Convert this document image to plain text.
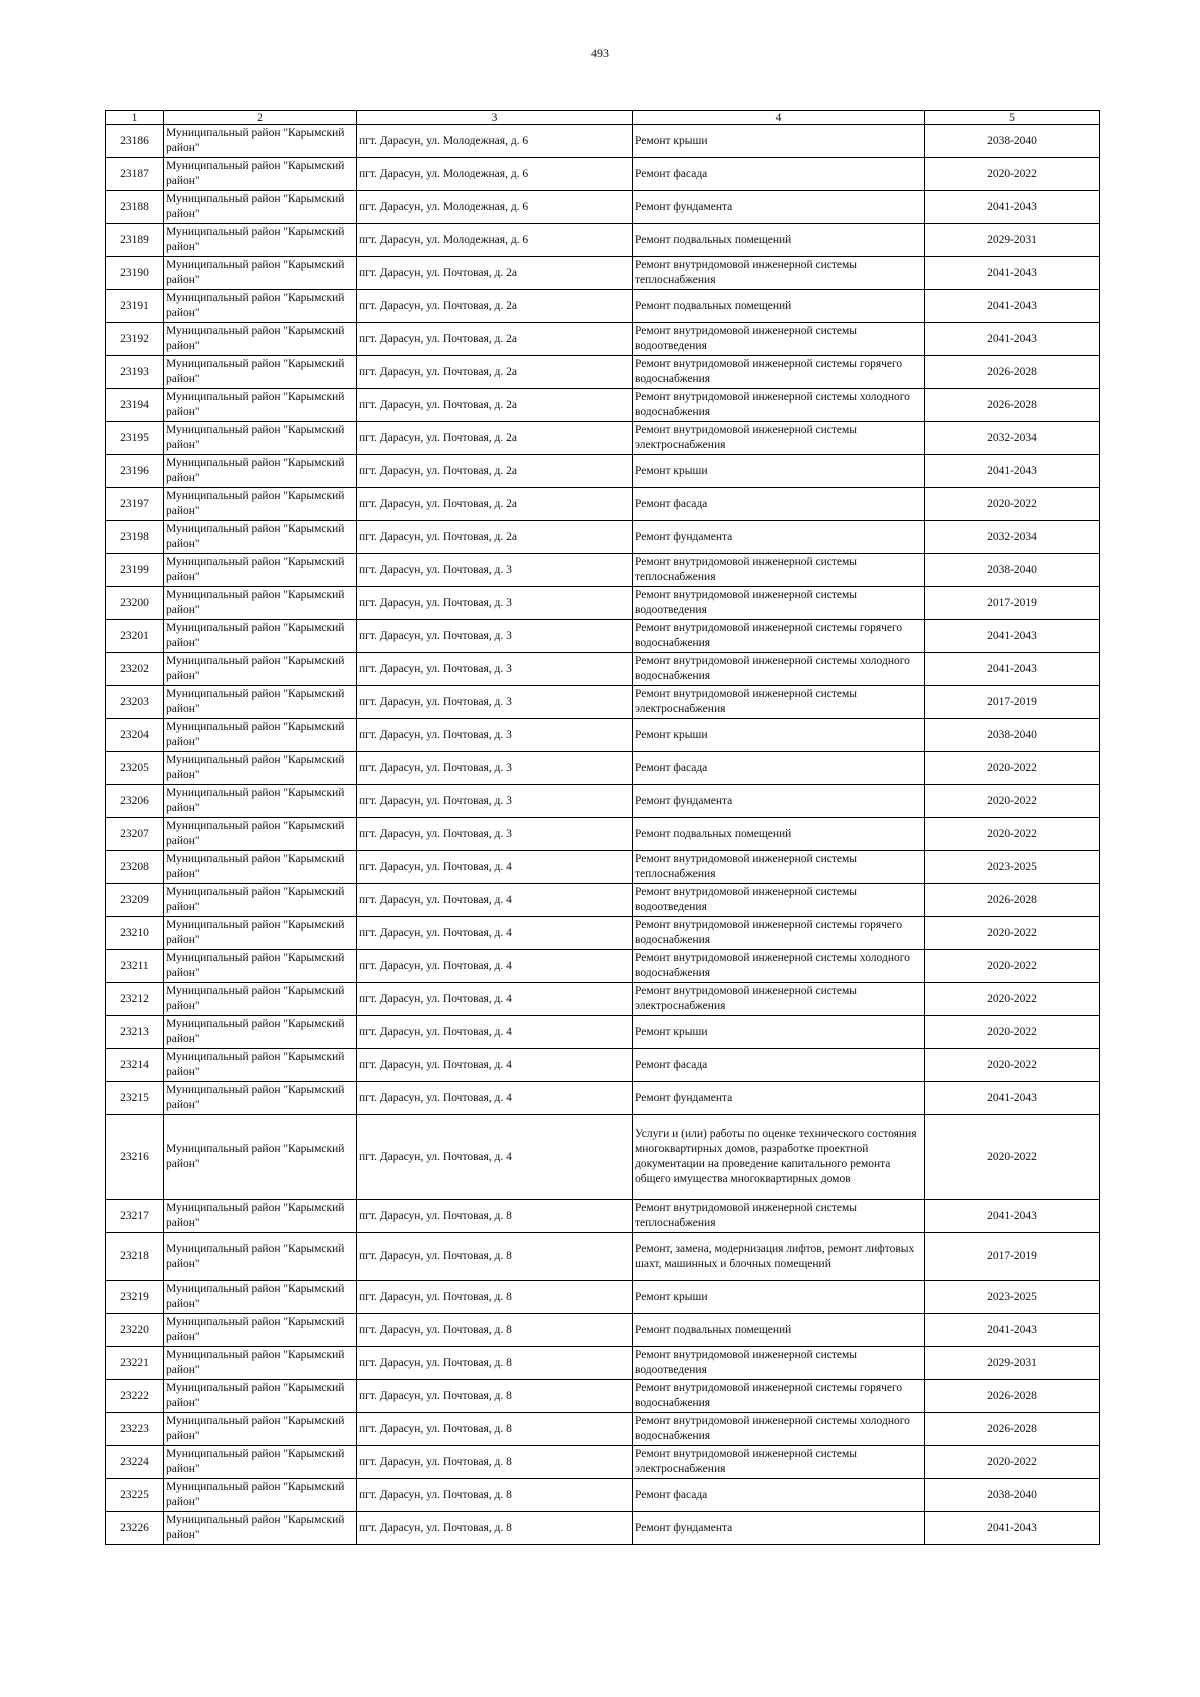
493
1	2	3	4	5
23186	Муниципальный район "Карымский район"	пгт. Дарасун, ул. Молодежная, д. 6	Ремонт крыши	2038-2040
23187	Муниципальный район "Карымский район"	пгт. Дарасун, ул. Молодежная, д. 6	Ремонт фасада	2020-2022
23188	Муниципальный район "Карымский район"	пгт. Дарасун, ул. Молодежная, д. 6	Ремонт фундамента	2041-2043
23189	Муниципальный район "Карымский район"	пгт. Дарасун, ул. Молодежная, д. 6	Ремонт подвальных помещений	2029-2031
23190	Муниципальный район "Карымский район"	пгт. Дарасун, ул. Почтовая, д. 2а	Ремонт внутридомовой инженерной системы теплоснабжения	2041-2043
23191	Муниципальный район "Карымский район"	пгт. Дарасун, ул. Почтовая, д. 2а	Ремонт подвальных помещений	2041-2043
23192	Муниципальный район "Карымский район"	пгт. Дарасун, ул. Почтовая, д. 2а	Ремонт внутридомовой инженерной системы водоотведения	2041-2043
23193	Муниципальный район "Карымский район"	пгт. Дарасун, ул. Почтовая, д. 2а	Ремонт внутридомовой инженерной системы горячего водоснабжения	2026-2028
23194	Муниципальный район "Карымский район"	пгт. Дарасун, ул. Почтовая, д. 2а	Ремонт внутридомовой инженерной системы холодного водоснабжения	2026-2028
23195	Муниципальный район "Карымский район"	пгт. Дарасун, ул. Почтовая, д. 2а	Ремонт внутридомовой инженерной системы электроснабжения	2032-2034
23196	Муниципальный район "Карымский район"	пгт. Дарасун, ул. Почтовая, д. 2а	Ремонт крыши	2041-2043
23197	Муниципальный район "Карымский район"	пгт. Дарасун, ул. Почтовая, д. 2а	Ремонт фасада	2020-2022
23198	Муниципальный район "Карымский район"	пгт. Дарасун, ул. Почтовая, д. 2а	Ремонт фундамента	2032-2034
23199	Муниципальный район "Карымский район"	пгт. Дарасун, ул. Почтовая, д. 3	Ремонт внутридомовой инженерной системы теплоснабжения	2038-2040
23200	Муниципальный район "Карымский район"	пгт. Дарасун, ул. Почтовая, д. 3	Ремонт внутридомовой инженерной системы водоотведения	2017-2019
23201	Муниципальный район "Карымский район"	пгт. Дарасун, ул. Почтовая, д. 3	Ремонт внутридомовой инженерной системы горячего водоснабжения	2041-2043
23202	Муниципальный район "Карымский район"	пгт. Дарасун, ул. Почтовая, д. 3	Ремонт внутридомовой инженерной системы холодного водоснабжения	2041-2043
23203	Муниципальный район "Карымский район"	пгт. Дарасун, ул. Почтовая, д. 3	Ремонт внутридомовой инженерной системы электроснабжения	2017-2019
23204	Муниципальный район "Карымский район"	пгт. Дарасун, ул. Почтовая, д. 3	Ремонт крыши	2038-2040
23205	Муниципальный район "Карымский район"	пгт. Дарасун, ул. Почтовая, д. 3	Ремонт фасада	2020-2022
23206	Муниципальный район "Карымский район"	пгт. Дарасун, ул. Почтовая, д. 3	Ремонт фундамента	2020-2022
23207	Муниципальный район "Карымский район"	пгт. Дарасун, ул. Почтовая, д. 3	Ремонт подвальных помещений	2020-2022
23208	Муниципальный район "Карымский район"	пгт. Дарасун, ул. Почтовая, д. 4	Ремонт внутридомовой инженерной системы теплоснабжения	2023-2025
23209	Муниципальный район "Карымский район"	пгт. Дарасун, ул. Почтовая, д. 4	Ремонт внутридомовой инженерной системы водоотведения	2026-2028
23210	Муниципальный район "Карымский район"	пгт. Дарасун, ул. Почтовая, д. 4	Ремонт внутридомовой инженерной системы горячего водоснабжения	2020-2022
23211	Муниципальный район "Карымский район"	пгт. Дарасун, ул. Почтовая, д. 4	Ремонт внутридомовой инженерной системы холодного водоснабжения	2020-2022
23212	Муниципальный район "Карымский район"	пгт. Дарасун, ул. Почтовая, д. 4	Ремонт внутридомовой инженерной системы электроснабжения	2020-2022
23213	Муниципальный район "Карымский район"	пгт. Дарасун, ул. Почтовая, д. 4	Ремонт крыши	2020-2022
23214	Муниципальный район "Карымский район"	пгт. Дарасун, ул. Почтовая, д. 4	Ремонт фасада	2020-2022
23215	Муниципальный район "Карымский район"	пгт. Дарасун, ул. Почтовая, д. 4	Ремонт фундамента	2041-2043
23216	Муниципальный район "Карымский район"	пгт. Дарасун, ул. Почтовая, д. 4	Услуги и (или) работы по оценке технического состояния многоквартирных домов, разработке проектной документации на проведение капитального ремонта общего имущества многоквартирных домов	2020-2022
23217	Муниципальный район "Карымский район"	пгт. Дарасун, ул. Почтовая, д. 8	Ремонт внутридомовой инженерной системы теплоснабжения	2041-2043
23218	Муниципальный район "Карымский район"	пгт. Дарасун, ул. Почтовая, д. 8	Ремонт, замена, модернизация лифтов, ремонт лифтовых шахт, машинных и блочных помещений	2017-2019
23219	Муниципальный район "Карымский район"	пгт. Дарасун, ул. Почтовая, д. 8	Ремонт крыши	2023-2025
23220	Муниципальный район "Карымский район"	пгт. Дарасун, ул. Почтовая, д. 8	Ремонт подвальных помещений	2041-2043
23221	Муниципальный район "Карымский район"	пгт. Дарасун, ул. Почтовая, д. 8	Ремонт внутридомовой инженерной системы водоотведения	2029-2031
23222	Муниципальный район "Карымский район"	пгт. Дарасун, ул. Почтовая, д. 8	Ремонт внутридомовой инженерной системы горячего водоснабжения	2026-2028
23223	Муниципальный район "Карымский район"	пгт. Дарасун, ул. Почтовая, д. 8	Ремонт внутридомовой инженерной системы холодного водоснабжения	2026-2028
23224	Муниципальный район "Карымский район"	пгт. Дарасун, ул. Почтовая, д. 8	Ремонт внутридомовой инженерной системы электроснабжения	2020-2022
23225	Муниципальный район "Карымский район"	пгт. Дарасун, ул. Почтовая, д. 8	Ремонт фасада	2038-2040
23226	Муниципальный район "Карымский район"	пгт. Дарасун, ул. Почтовая, д. 8	Ремонт фундамента	2041-2043
